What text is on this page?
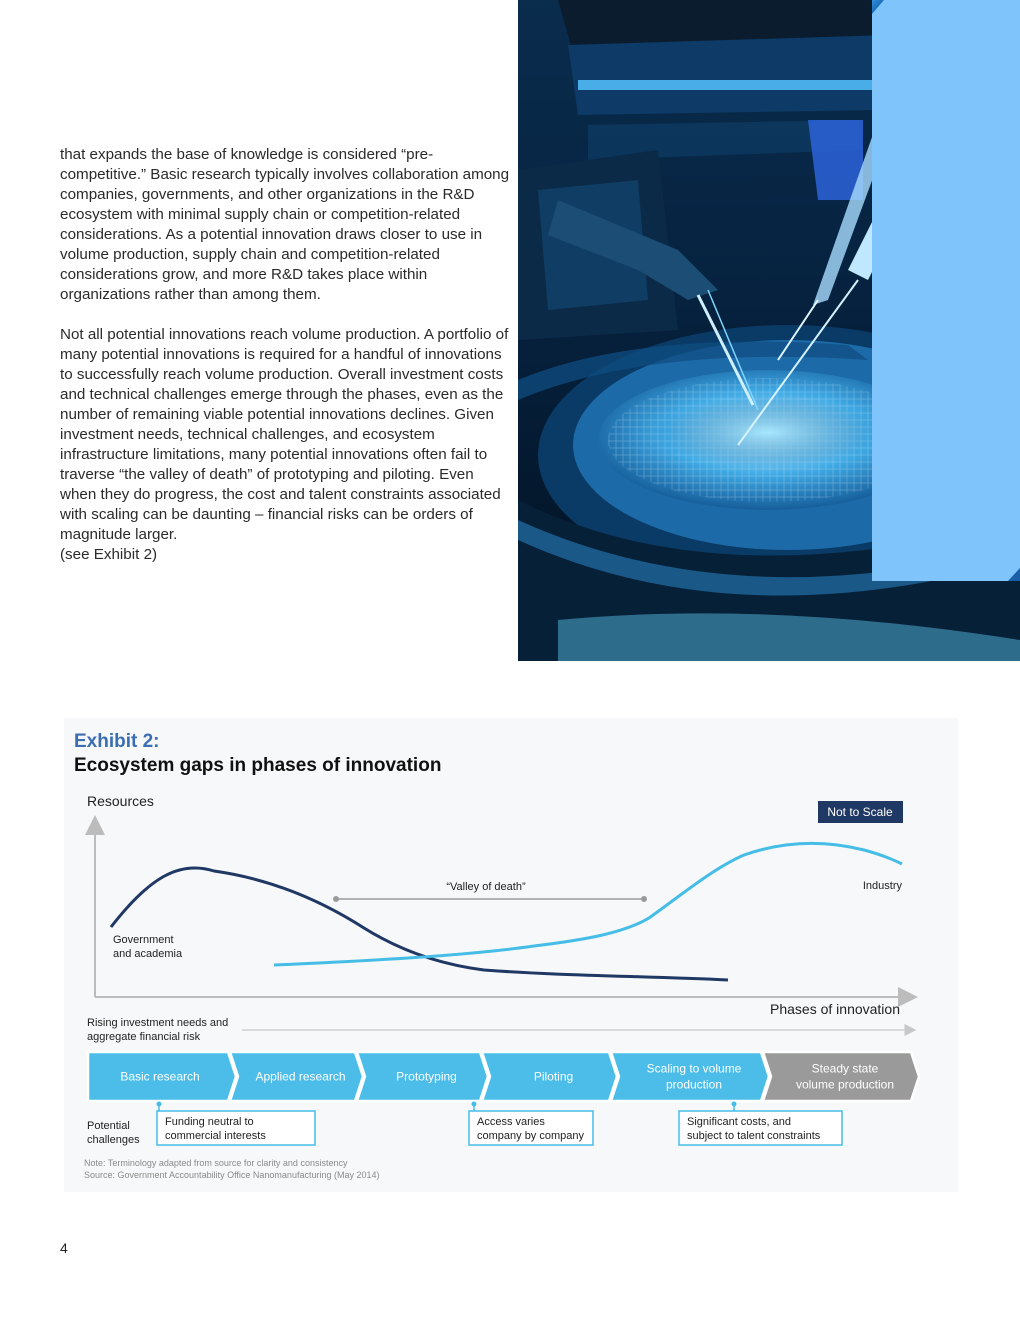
that expands the base of knowledge is considered “pre-competitive.” Basic research typically involves collaboration among companies, governments, and other organizations in the R&D ecosystem with minimal supply chain or competition-related considerations. As a potential innovation draws closer to use in volume production, supply chain and competition-related considerations grow, and more R&D takes place within organizations rather than among them.

Not all potential innovations reach volume production. A portfolio of many potential innovations is required for a handful of innovations to successfully reach volume production. Overall investment costs and technical challenges emerge through the phases, even as the number of remaining viable potential innovations declines. Given investment needs, technical challenges, and ecosystem infrastructure limitations, many potential innovations often fail to traverse “the valley of death” of prototyping and piloting. Even when they do progress, the cost and talent constraints associated with scaling can be daunting – financial risks can be orders of magnitude larger.
(see Exhibit 2)

Exhibit 2:
Ecosystem gaps in phases of innovation
Resources
Not to Scale
Government
and academia
Industry
“Valley of death”
Phases of innovation
Rising investment needs and
aggregate financial risk
Basic research	Applied research	Prototyping	Piloting
Scaling to volume
production
Steady state
volume production
Potential
challenges
Funding neutral to
commercial interests
Access varies
company by company
Significant costs, and
subject to talent constraints
Note: Terminology adapted from source for clarity and consistency
Source: Government Accountability Office Nanomanufacturing (May 2014)
4
